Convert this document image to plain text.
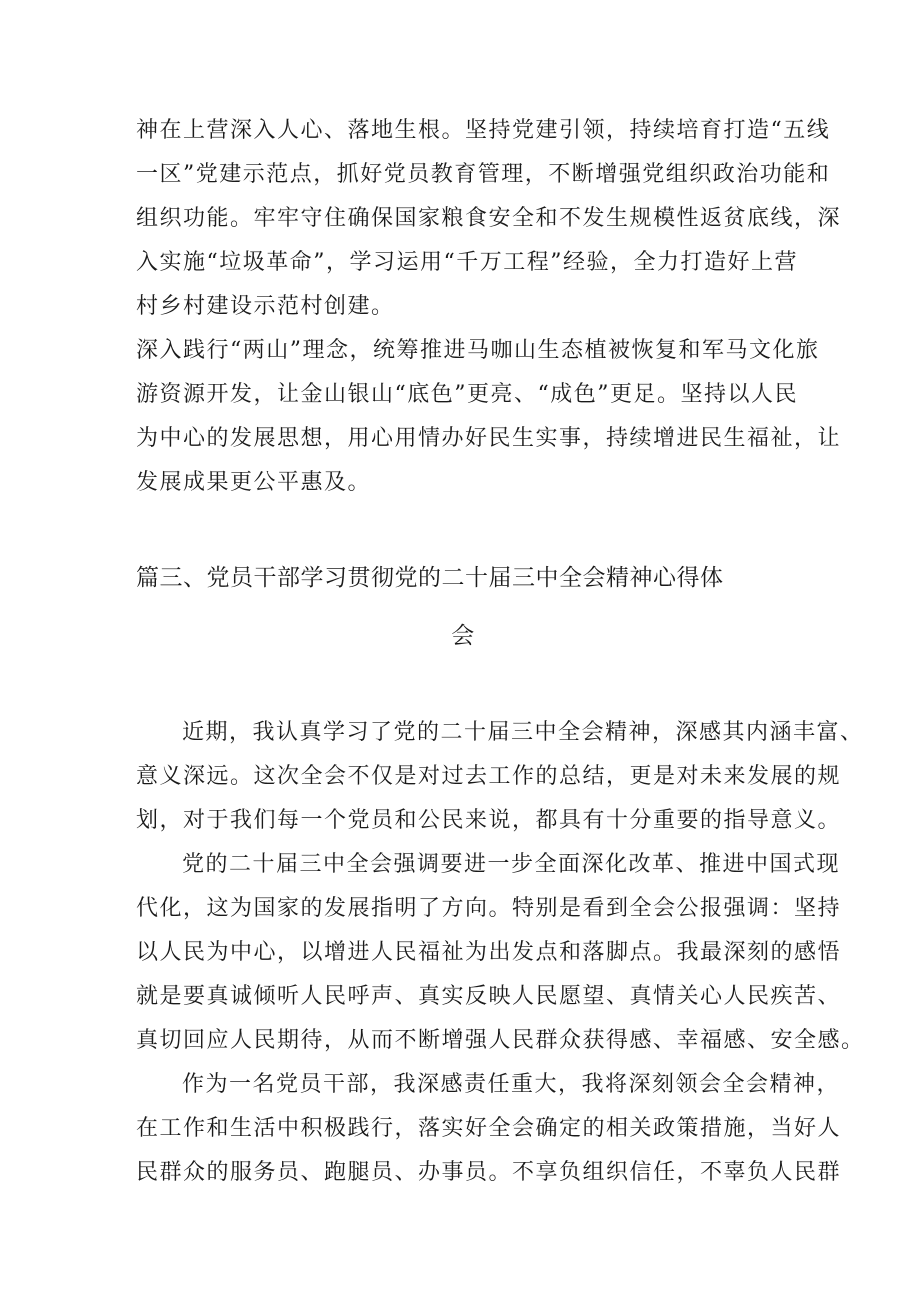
神在上营深入人心、落地生根。坚持党建引领，持续培育打造“五线
一区”党建示范点，抓好党员教育管理，不断增强党组织政治功能和
组织功能。牢牢守住确保国家粮食安全和不发生规模性返贫底线，深
入实施“垃圾革命”，学习运用“千万工程”经验，全力打造好上营
村乡村建设示范村创建。
深入践行“两山”理念，统筹推进马咖山生态植被恢复和军马文化旅
游资源开发，让金山银山“底色”更亮、“成色”更足。坚持以人民
为中心的发展思想，用心用情办好民生实事，持续增进民生福祉，让
发展成果更公平惠及。
篇三、党员干部学习贯彻党的二十届三中全会精神心得体
会
近期，我认真学习了党的二十届三中全会精神，深感其内涵丰富、
意义深远。这次全会不仅是对过去工作的总结，更是对未来发展的规
划，对于我们每一个党员和公民来说，都具有十分重要的指导意义。
党的二十届三中全会强调要进一步全面深化改革、推进中国式现
代化，这为国家的发展指明了方向。特别是看到全会公报强调：坚持
以人民为中心，以增进人民福祉为出发点和落脚点。我最深刻的感悟
就是要真诚倾听人民呼声、真实反映人民愿望、真情关心人民疾苦、
真切回应人民期待，从而不断增强人民群众获得感、幸福感、安全感。
作为一名党员干部，我深感责任重大，我将深刻领会全会精神，
在工作和生活中积极践行，落实好全会确定的相关政策措施，当好人
民群众的服务员、跑腿员、办事员。不享负组织信任，不辜负人民群
